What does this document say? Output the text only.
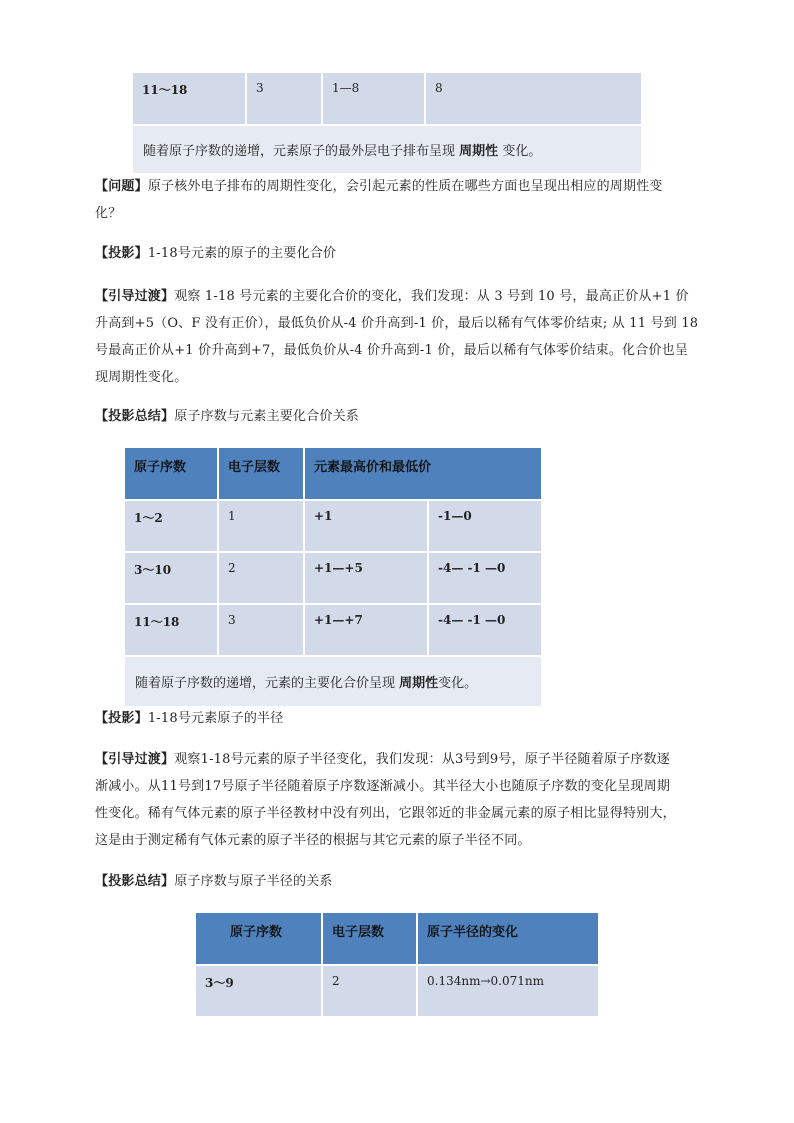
11～18	3	1—8	8
随着原子序数的递增，元素原子的最外层电子排布呈现 周期性 变化。
【问题】原子核外电子排布的周期性变化，会引起元素的性质在哪些方面也呈现出相应的周期性变
化？
【投影】1-18号元素的原子的主要化合价
【引导过渡】观察 1-18 号元素的主要化合价的变化，我们发现：从 3 号到 10 号，最高正价从+1 价
升高到+5（O、F 没有正价），最低负价从-4 价升高到-1 价，最后以稀有气体零价结束; 从 11 号到 18
号最高正价从+1 价升高到+7，最低负价从-4 价升高到-1 价，最后以稀有气体零价结束。化合价也呈
现周期性变化。
【投影总结】原子序数与元素主要化合价关系
原子序数	电子层数	元素最高价和最低价	
1～2	1	+1	-1—0
3～10	2	+1—+5	-4— -1 —0
11～18	3	+1—+7	-4— -1 —0
随着原子序数的递增，元素的主要化合价呈现 周期性变化。			
【投影】1-18号元素原子的半径
【引导过渡】观察1-18号元素的原子半径变化，我们发现：从3号到9号，原子半径随着原子序数逐
渐减小。从11号到17号原子半径随着原子序数逐渐减小。其半径大小也随原子序数的变化呈现周期
性变化。稀有气体元素的原子半径教材中没有列出，它跟邻近的非金属元素的原子相比显得特别大，
这是由于测定稀有气体元素的原子半径的根据与其它元素的原子半径不同。
【投影总结】原子序数与原子半径的关系
原子序数	电子层数	原子半径的变化
3～9	2	0.134nm→0.071nm
